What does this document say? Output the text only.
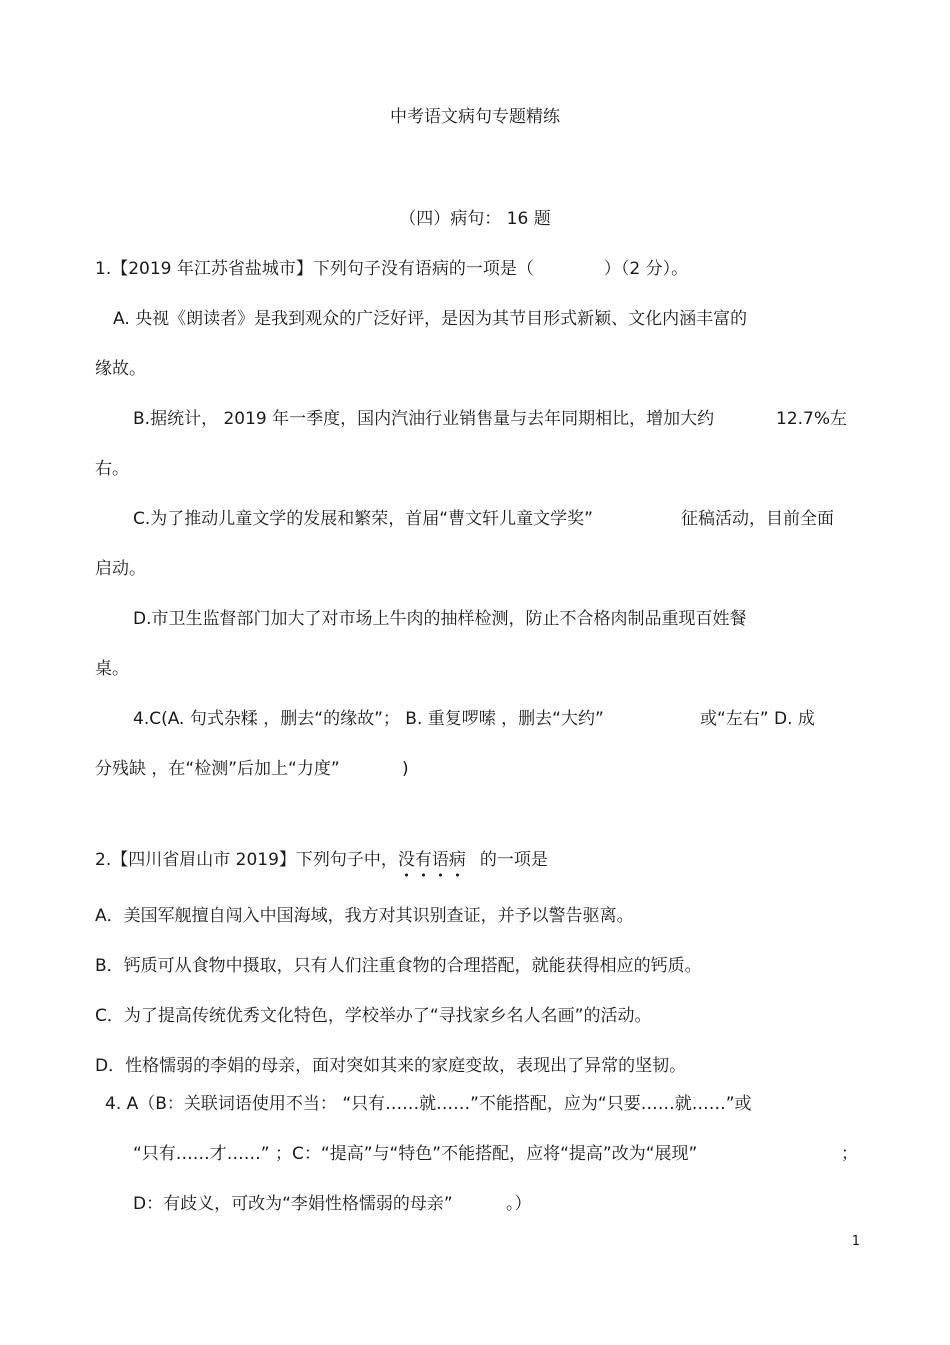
中考语文病句专题精练
（四）病句： 16 题
1.【2019 年江苏省盐城市】下列句子没有语病的一项是（	）（2 分）。
A. 央视《朗读者》是我到观众的广泛好评，是因为其节目形式新颖、文化内涵丰富的
缘故。
B.据统计， 2019 年一季度，国内汽油行业销售量与去年同期相比，增加大约	12.7%左
右。
C.为了推动儿童文学的发展和繁荣，首届“曹文轩儿童文学奖”	征稿活动，目前全面
启动。
D.市卫生监督部门加大了对市场上牛肉的抽样检测，防止不合格肉制品重现百姓餐
桌。
4.C(A. 句式杂糅 ，删去“的缘故”； B. 重复啰嗦 ，删去“大约”	或“左右” D. 成
分残缺 ，在“检测”后加上“力度”	)
2.【四川省眉山市 2019】下列句子中，没有语病 的一项是
A．美国军舰擅自闯入中国海域，我方对其识别查证，并予以警告驱离。
B．钙质可从食物中摄取，只有人们注重食物的合理搭配，就能获得相应的钙质。
C．为了提高传统优秀文化特色，学校举办了“寻找家乡名人名画”的活动。
D．性格懦弱的李娟的母亲，面对突如其来的家庭变故，表现出了异常的坚韧。
4. A（B：关联词语使用不当： “只有……就……”不能搭配，应为“只要……就……”或
“只有……才……” ；C：“提高”与“特色”不能搭配，应将“提高”改为“展现”	；
D：有歧义，可改为“李娟性格懦弱的母亲”	。）
1
